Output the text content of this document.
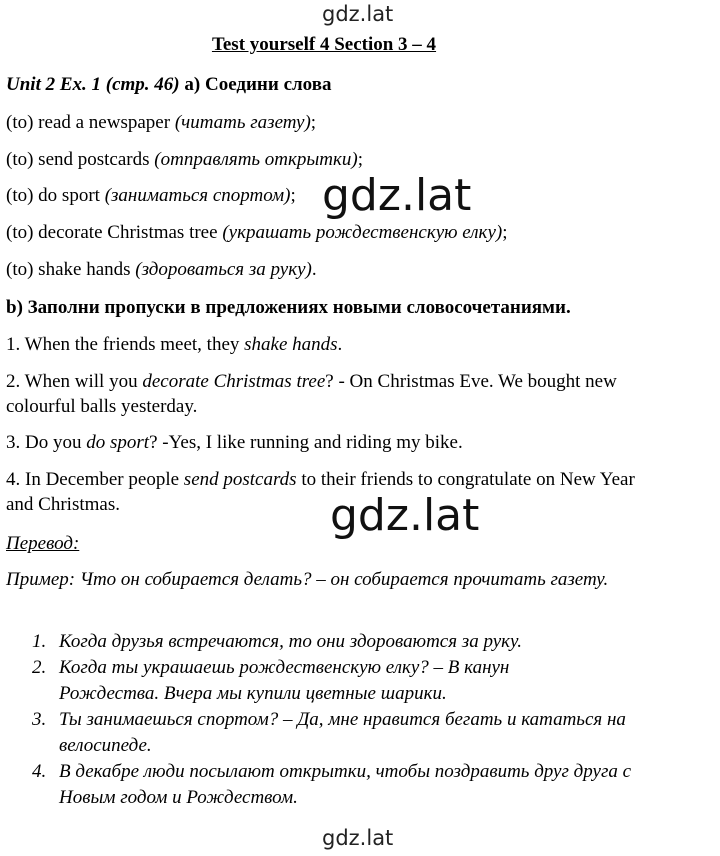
gdz.lat
Test yourself 4 Section 3 – 4
Unit 2 Ex. 1 (стр. 46) a) Соедини слова
(to) read a newspaper (читать газету);
(to) send postcards (отправлять открытки);
(to) do sport (заниматься спортом);
(to) decorate Christmas tree (украшать рождественскую елку);
(to) shake hands (здороваться за руку).
b) Заполни пропуски в предложениях новыми словосочетаниями.
1. When the friends meet, they shake hands.
2. When will you decorate Christmas tree? - On Christmas Eve. We bought new colourful balls yesterday.
3. Do you do sport? -Yes, I like running and riding my bike.
4. In December people send postcards to their friends to congratulate on New Year and Christmas.
gdz.lat
gdz.lat
Перевод:
Пример: Что он собирается делать? – он собирается прочитать газету.
1. Когда друзья встречаются, то они здороваются за руку.
2. Когда ты украшаешь рождественскую елку? – В канун Рождества. Вчера мы купили цветные шарики.
3. Ты занимаешься спортом? – Да, мне нравится бегать и кататься на велосипеде.
4. В декабре люди посылают открытки, чтобы поздравить друг друга с Новым годом и Рождеством.
gdz.lat
